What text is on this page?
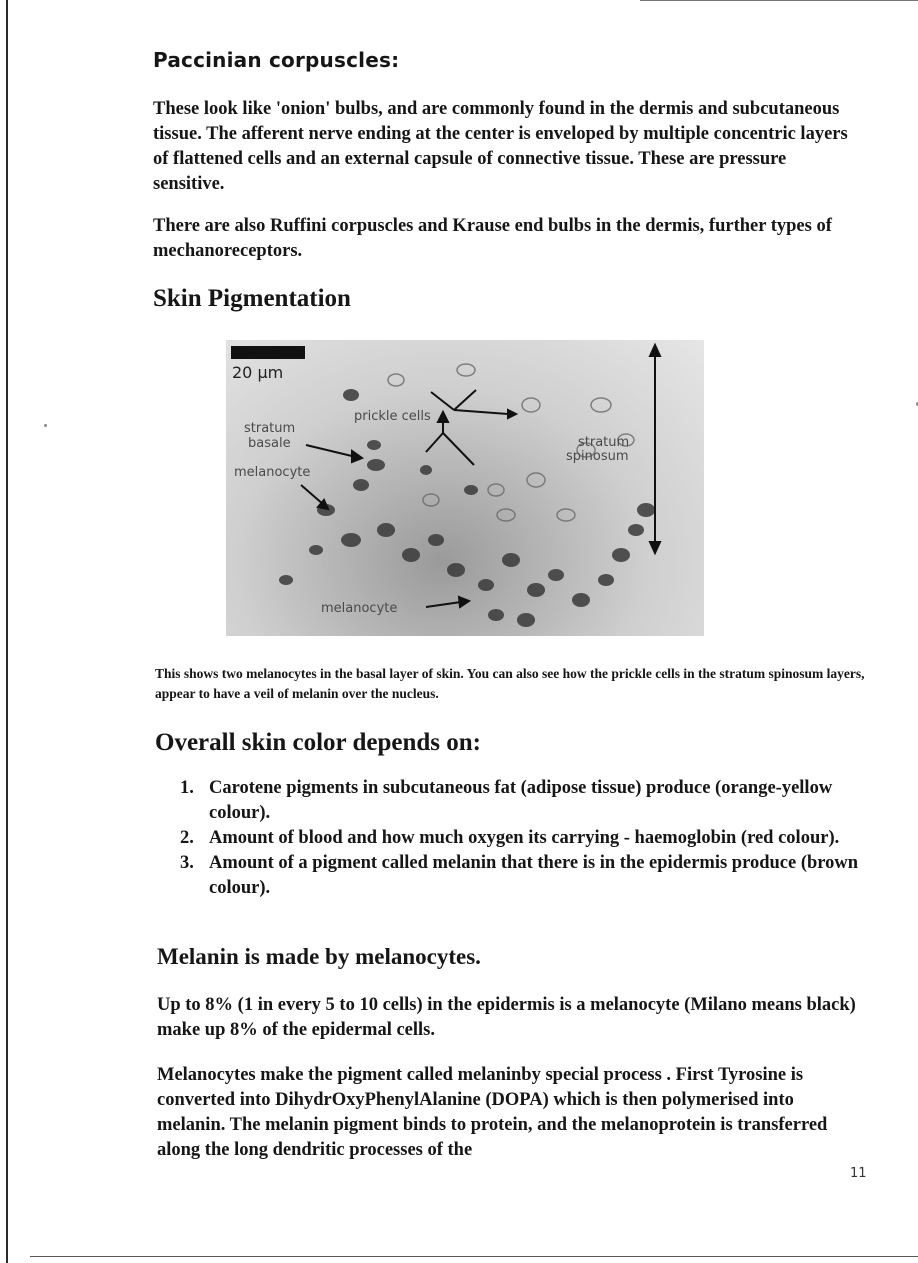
Paccinian corpuscles:

These look like 'onion' bulbs, and are commonly found in the dermis and subcutaneous tissue. The afferent nerve ending at the center is enveloped by multiple concentric layers of flattened cells and an external capsule of connective tissue. These are pressure sensitive.

There are also Ruffini corpuscles and Krause end bulbs in the dermis, further types of mechanoreceptors.

Skin Pigmentation
20 µm
stratum
basale
prickle cells
melanocyte
stratum
spinosum
melanocyte

This shows two melanocytes in the basal layer of skin. You can also see how the prickle cells in the stratum spinosum layers, appear to have a veil of melanin over the nucleus.

Overall skin color depends on:
1. Carotene pigments in subcutaneous fat (adipose tissue) produce (orange-yellow colour).
2. Amount of blood and how much oxygen its carrying - haemoglobin (red colour).
3. Amount of a pigment called melanin that there is in the epidermis produce (brown colour).
Melanin is made by melanocytes.

Up to 8% (1 in every 5 to 10 cells) in the epidermis is a melanocyte (Milano means black) make up 8% of the epidermal cells.

Melanocytes make the pigment called melaninby special process . First Tyrosine is converted into DihydrOxyPhenylAlanine (DOPA) which is then polymerised into melanin. The melanin pigment binds to protein, and the melanoprotein is transferred along the long dendritic processes of the

11
